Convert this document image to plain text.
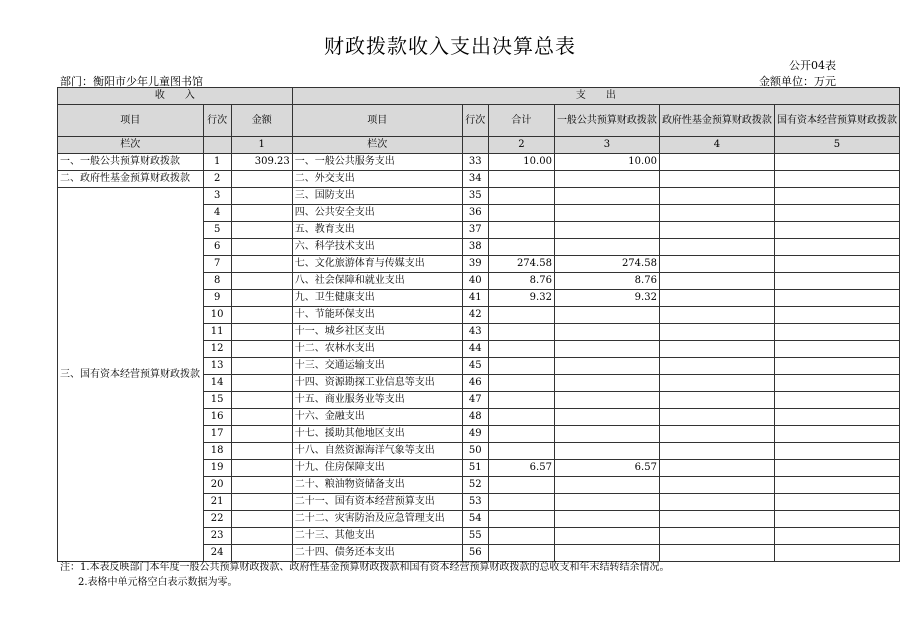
财政拨款收入支出决算总表
公开04表
部门：衡阳市少年儿童图书馆	金额单位：万元
收　　入			支　　出					
项目	行次	金额	项目	行次	合计	一般公共预算财政拨款	政府性基金预算财政拨款	国有资本经营预算财政拨款
栏次		1	栏次		2	3	4	5
一、一般公共预算财政拨款	1	309.23	一、一般公共服务支出	33	10.00	10.00		
二、政府性基金预算财政拨款	2		二、外交支出	34				
三、国有资本经营预算财政拨款	3		三、国防支出	35				
	4		四、公共安全支出	36				
	5		五、教育支出	37				
	6		六、科学技术支出	38				
	7		七、文化旅游体育与传媒支出	39	274.58	274.58		
	8		八、社会保障和就业支出	40	8.76	8.76		
	9		九、卫生健康支出	41	9.32	9.32		
	10		十、节能环保支出	42				
	11		十一、城乡社区支出	43				
	12		十二、农林水支出	44				
	13		十三、交通运输支出	45				
	14		十四、资源勘探工业信息等支出	46				
	15		十五、商业服务业等支出	47				
	16		十六、金融支出	48				
	17		十七、援助其他地区支出	49				
	18		十八、自然资源海洋气象等支出	50				
	19		十九、住房保障支出	51	6.57	6.57		
	20		二十、粮油物资储备支出	52				
	21		二十一、国有资本经营预算支出	53				
	22		二十二、灾害防治及应急管理支出	54				
	23		二十三、其他支出	55				
	24		二十四、债务还本支出	56				
注：1.本表反映部门本年度一般公共预算财政拨款、政府性基金预算财政拨款和国有资本经营预算财政拨款的总收支和年末结转结余情况。
2.表格中单元格空白表示数据为零。
